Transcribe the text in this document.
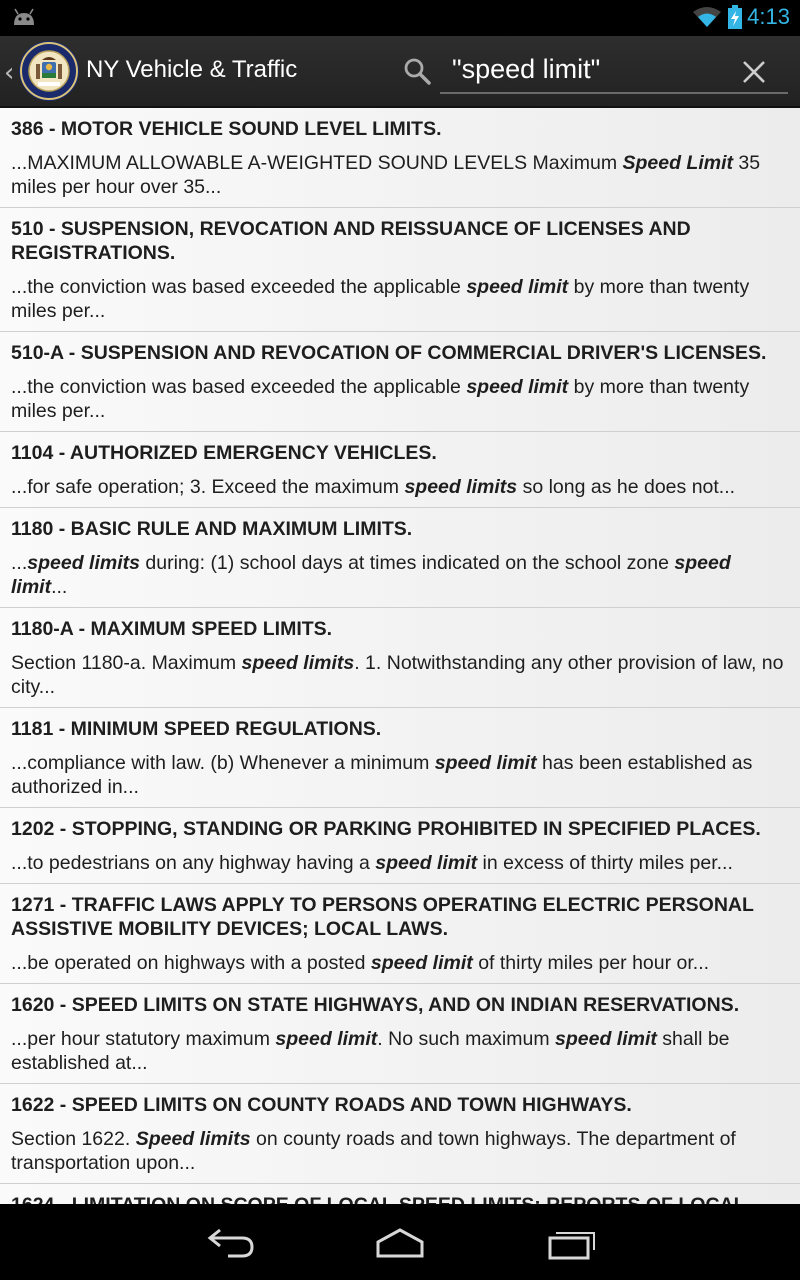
4:13
‹	NY Vehicle & Traffic	"speed limit"
386 - MOTOR VEHICLE SOUND LEVEL LIMITS.
...MAXIMUM ALLOWABLE A-WEIGHTED SOUND LEVELS Maximum Speed Limit 35 miles per hour over 35...
510 - SUSPENSION, REVOCATION AND REISSUANCE OF LICENSES AND REGISTRATIONS.
...the conviction was based exceeded the applicable speed limit by more than twenty miles per...
510-A - SUSPENSION AND REVOCATION OF COMMERCIAL DRIVER'S LICENSES.
...the conviction was based exceeded the applicable speed limit by more than twenty miles per...
1104 - AUTHORIZED EMERGENCY VEHICLES.
...for safe operation; 3. Exceed the maximum speed limits so long as he does not...
1180 - BASIC RULE AND MAXIMUM LIMITS.
...speed limits during: (1) school days at times indicated on the school zone speed limit...
1180-A - MAXIMUM SPEED LIMITS.
Section 1180-a. Maximum speed limits. 1. Notwithstanding any other provision of law, no city...
1181 - MINIMUM SPEED REGULATIONS.
...compliance with law. (b) Whenever a minimum speed limit has been established as authorized in...
1202 - STOPPING, STANDING OR PARKING PROHIBITED IN SPECIFIED PLACES.
...to pedestrians on any highway having a speed limit in excess of thirty miles per...
1271 - TRAFFIC LAWS APPLY TO PERSONS OPERATING ELECTRIC PERSONAL ASSISTIVE MOBILITY DEVICES; LOCAL LAWS.
...be operated on highways with a posted speed limit of thirty miles per hour or...
1620 - SPEED LIMITS ON STATE HIGHWAYS, AND ON INDIAN RESERVATIONS.
...per hour statutory maximum speed limit. No such maximum speed limit shall be established at...
1622 - SPEED LIMITS ON COUNTY ROADS AND TOWN HIGHWAYS.
Section 1622. Speed limits on county roads and town highways. The department of transportation upon...
